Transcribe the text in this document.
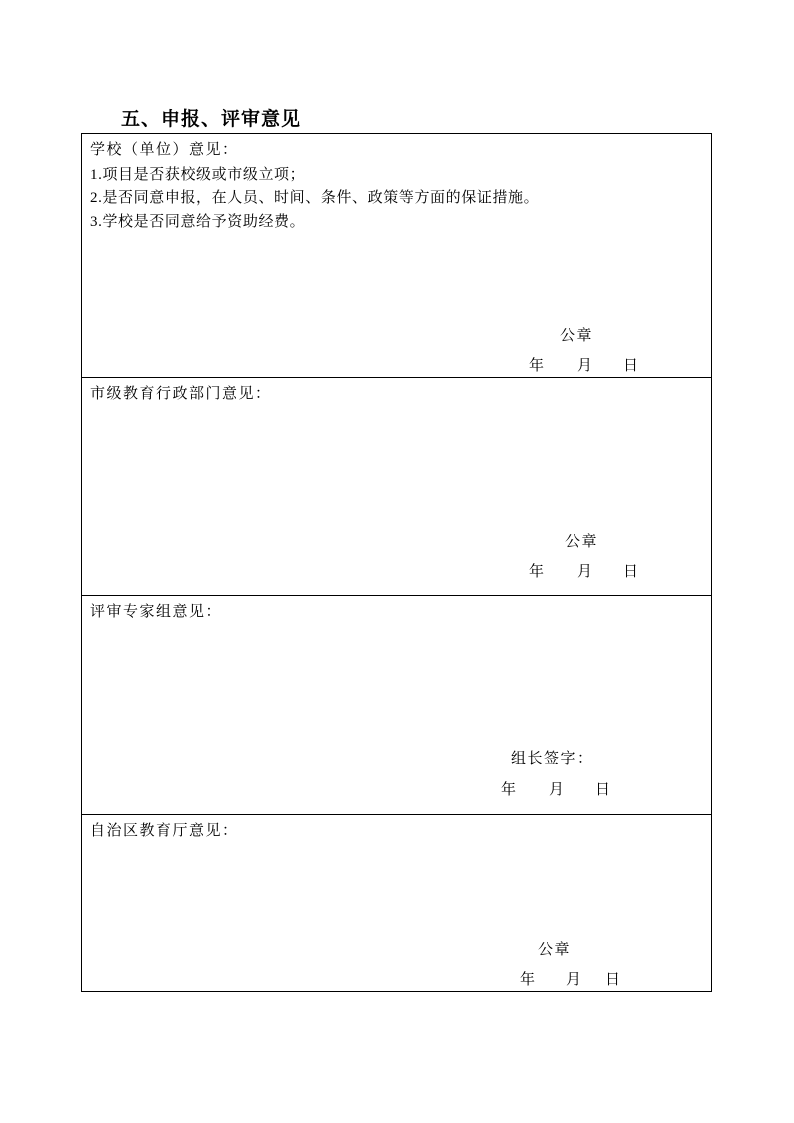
五、申报、评审意见
学校（单位）意见：
1.项目是否获校级或市级立项；
2.是否同意申报，在人员、时间、条件、政策等方面的保证措施。
3.学校是否同意给予资助经费。
公章
年 月 日
市级教育行政部门意见：
公章
年 月 日
评审专家组意见：
组长签字：
年 月 日
自治区教育厅意见：
公章
年 月 日
